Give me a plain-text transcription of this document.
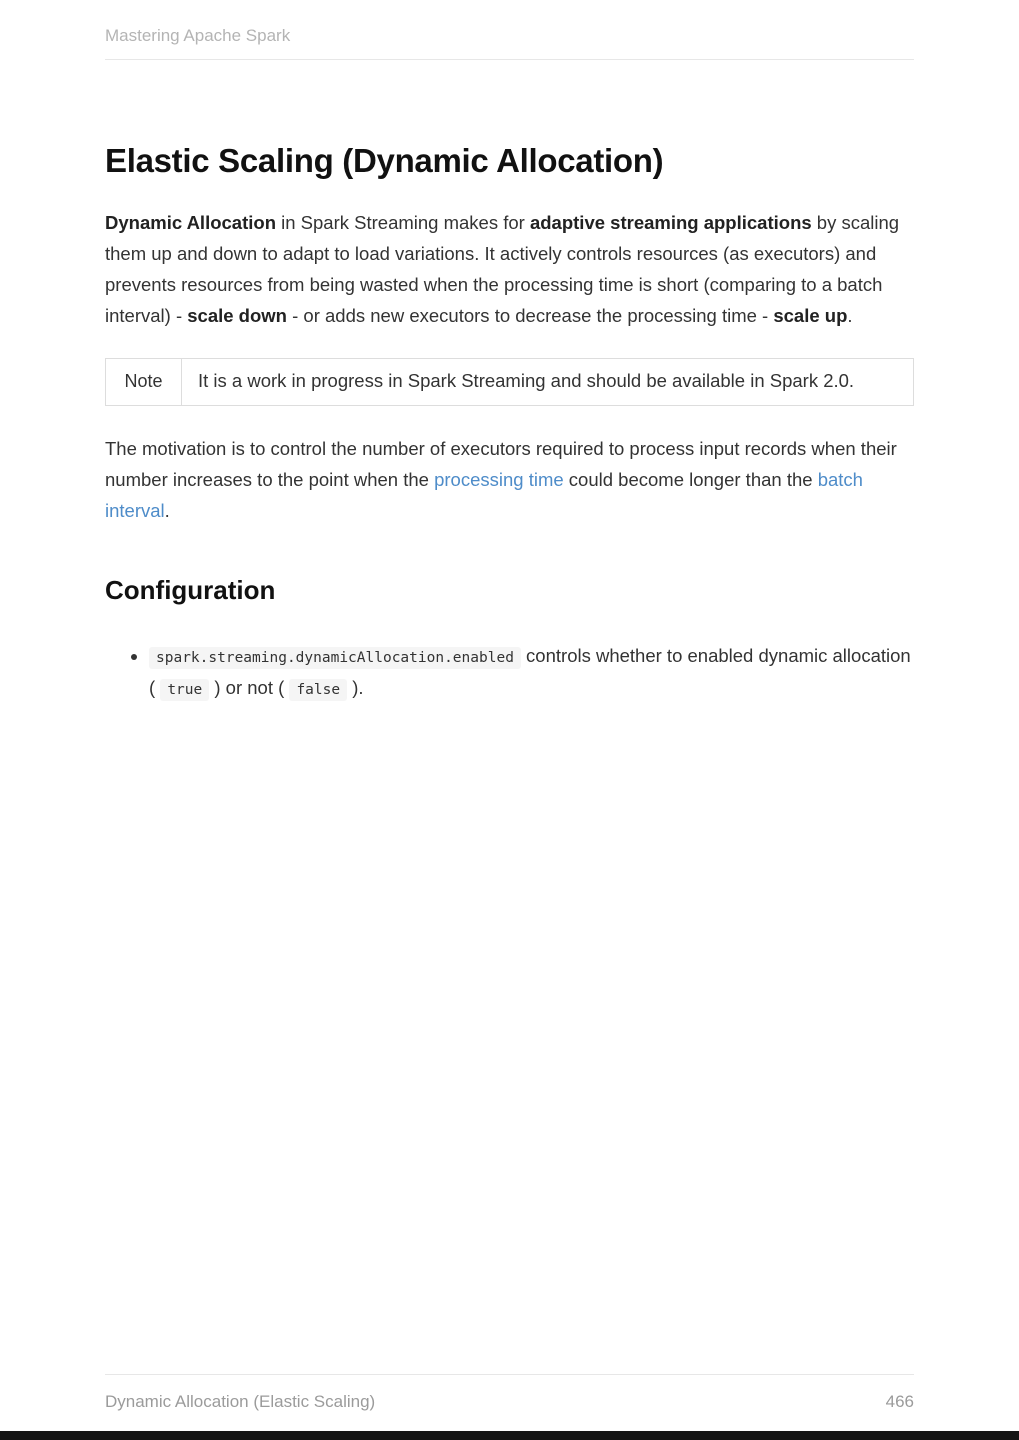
Mastering Apache Spark
Elastic Scaling (Dynamic Allocation)

Dynamic Allocation in Spark Streaming makes for adaptive streaming applications by scaling them up and down to adapt to load variations. It actively controls resources (as executors) and prevents resources from being wasted when the processing time is short (comparing to a batch interval) - scale down - or adds new executors to decrease the processing time - scale up.

Note	It is a work in progress in Spark Streaming and should be available in Spark 2.0.

The motivation is to control the number of executors required to process input records when their number increases to the point when the processing time could become longer than the batch interval.

Configuration
• spark.streaming.dynamicAllocation.enabled controls whether to enabled dynamic allocation ( true ) or not ( false ).
Dynamic Allocation (Elastic Scaling)	466
